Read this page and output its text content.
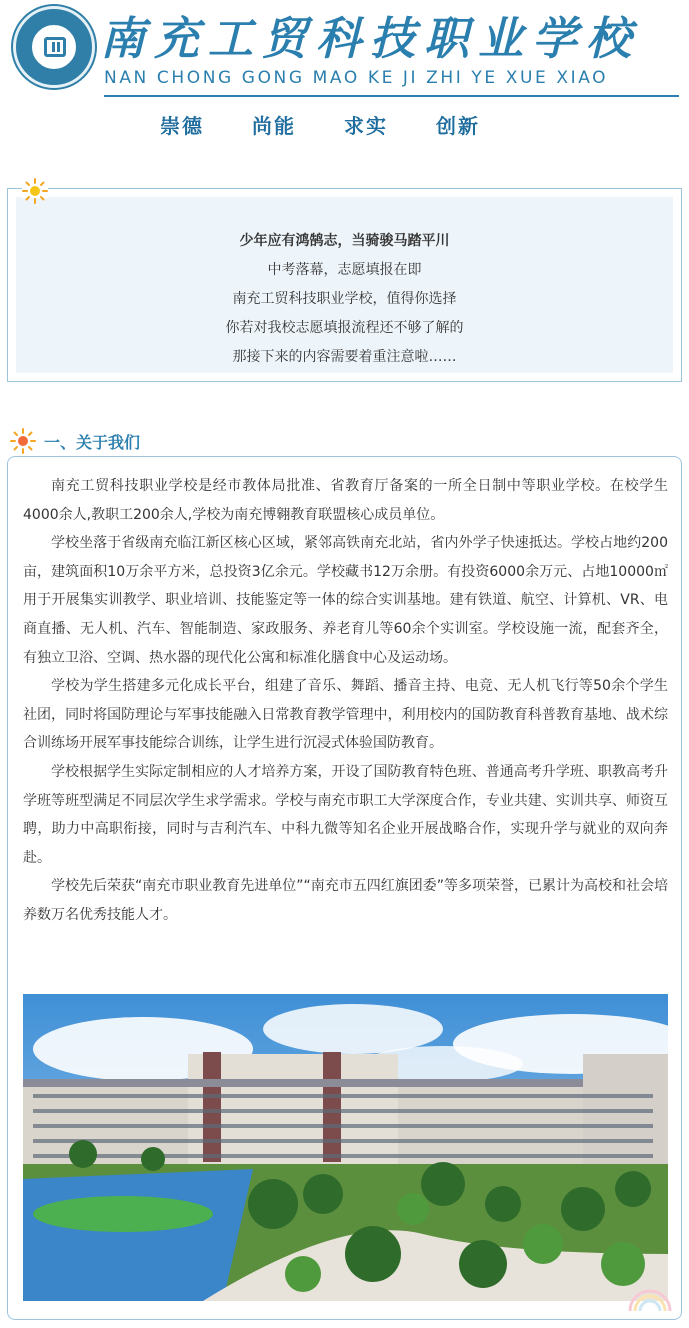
南充工贸科技职业学校
NAN CHONG GONG MAO KE JI ZHI YE XUE XIAO
崇德 尚能 求实 创新

少年应有鸿鹄志，当骑骏马踏平川

中考落幕，志愿填报在即

南充工贸科技职业学校，值得你选择

你若对我校志愿填报流程还不够了解的

那接下来的内容需要着重注意啦……

一、关于我们

南充工贸科技职业学校是经市教体局批准、省教育厅备案的一所全日制中等职业学校。在校学生4000余人,教职工200余人,学校为南充博翱教育联盟核心成员单位。

学校坐落于省级南充临江新区核心区域，紧邻高铁南充北站，省内外学子快速抵达。学校占地约200亩，建筑面积10万余平方米，总投资3亿余元。学校藏书12万余册。有投资6000余万元、占地10000㎡用于开展集实训教学、职业培训、技能鉴定等一体的综合实训基地。建有铁道、航空、计算机、VR、电商直播、无人机、汽车、智能制造、家政服务、养老育儿等60余个实训室。学校设施一流，配套齐全，有独立卫浴、空调、热水器的现代化公寓和标准化膳食中心及运动场。

学校为学生搭建多元化成长平台，组建了音乐、舞蹈、播音主持、电竞、无人机飞行等50余个学生社团，同时将国防理论与军事技能融入日常教育教学管理中，利用校内的国防教育科普教育基地、战术综合训练场开展军事技能综合训练，让学生进行沉浸式体验国防教育。

学校根据学生实际定制相应的人才培养方案，开设了国防教育特色班、普通高考升学班、职教高考升学班等班型满足不同层次学生求学需求。学校与南充市职工大学深度合作，专业共建、实训共享、师资互聘，助力中高职衔接，同时与吉利汽车、中科九微等知名企业开展战略合作，实现升学与就业的双向奔赴。

学校先后荣获“南充市职业教育先进单位”“南充市五四红旗团委”等多项荣誉，已累计为高校和社会培养数万名优秀技能人才。
